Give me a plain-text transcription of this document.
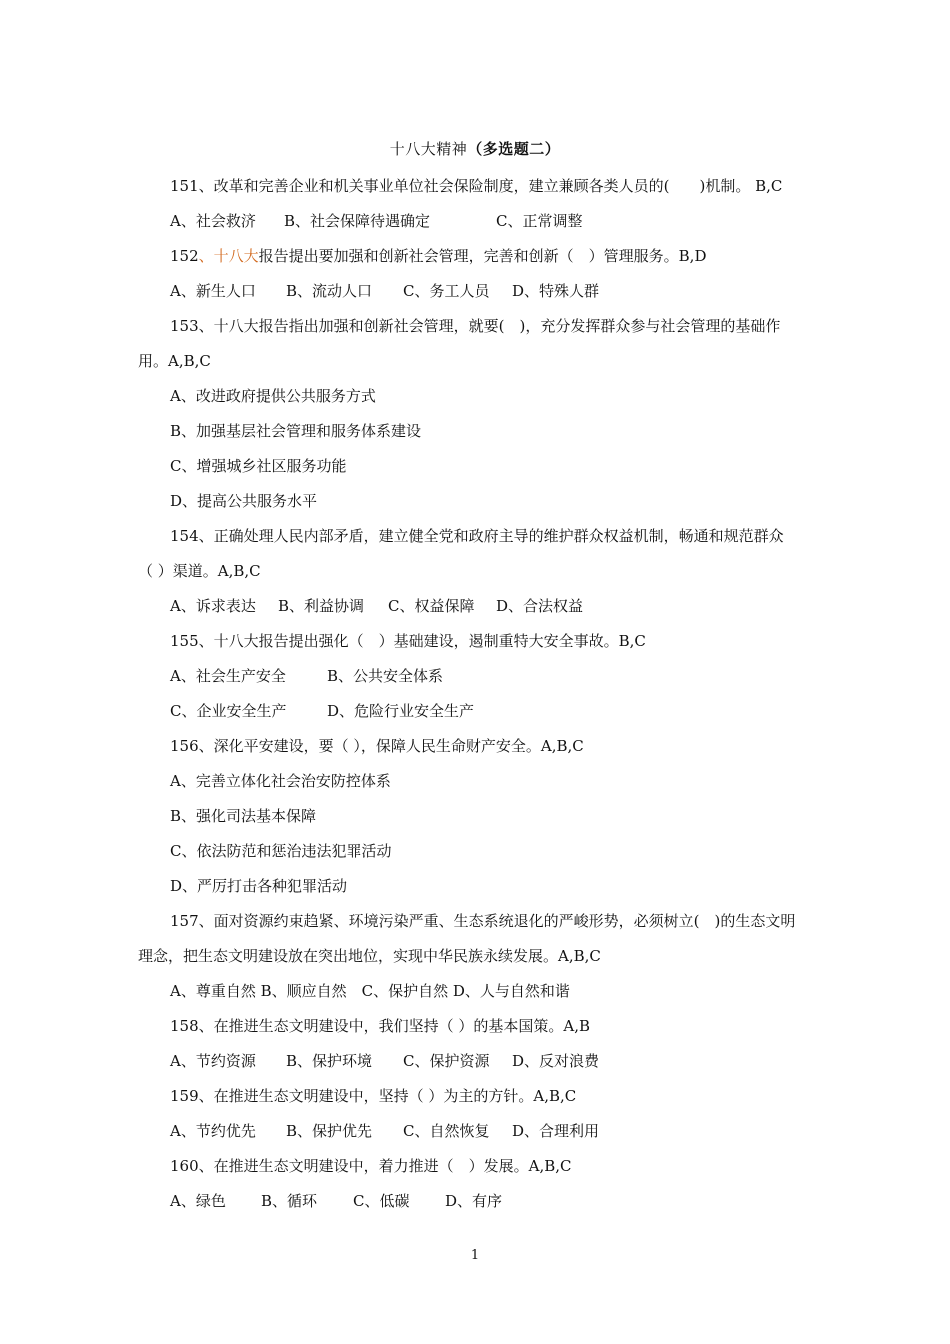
十八大精神（多选题二）
151、改革和完善企业和机关事业单位社会保险制度，建立兼顾各类人员的(　　)机制。 B,C
A、社会救济 B、社会保障待遇确定	C、正常调整
152、十八大报告提出要加强和创新社会管理，完善和创新（　）管理服务。B,D
A、新生人口 B、流动人口 C、务工人员 D、特殊人群
153、十八大报告指出加强和创新社会管理，就要(　)，充分发挥群众参与社会管理的基础作
用。A,B,C
A、改进政府提供公共服务方式
B、加强基层社会管理和服务体系建设
C、增强城乡社区服务功能
D、提高公共服务水平
154、正确处理人民内部矛盾，建立健全党和政府主导的维护群众权益机制，畅通和规范群众
（ ）渠道。A,B,C
A、诉求表达 B、利益协调 C、权益保障 D、合法权益
155、十八大报告提出强化（　）基础建设，遏制重特大安全事故。B,C
A、社会生产安全	B、公共安全体系
C、企业安全生产	D、危险行业安全生产
156、深化平安建设，要（ ），保障人民生命财产安全。A,B,C
A、完善立体化社会治安防控体系
B、强化司法基本保障
C、依法防范和惩治违法犯罪活动
D、严厉打击各种犯罪活动
157、面对资源约束趋紧、环境污染严重、生态系统退化的严峻形势，必须树立(　)的生态文明
理念，把生态文明建设放在突出地位，实现中华民族永续发展。A,B,C
A、尊重自然 B、顺应自然　C、保护自然 D、人与自然和谐
158、在推进生态文明建设中，我们坚持（ ）的基本国策。A,B
A、节约资源 B、保护环境 C、保护资源 D、反对浪费
159、在推进生态文明建设中，坚持（ ）为主的方针。A,B,C
A、节约优先 B、保护优先 C、自然恢复 D、合理利用
160、在推进生态文明建设中，着力推进（　）发展。A,B,C
A、绿色 B、循环 C、低碳 D、有序
1
